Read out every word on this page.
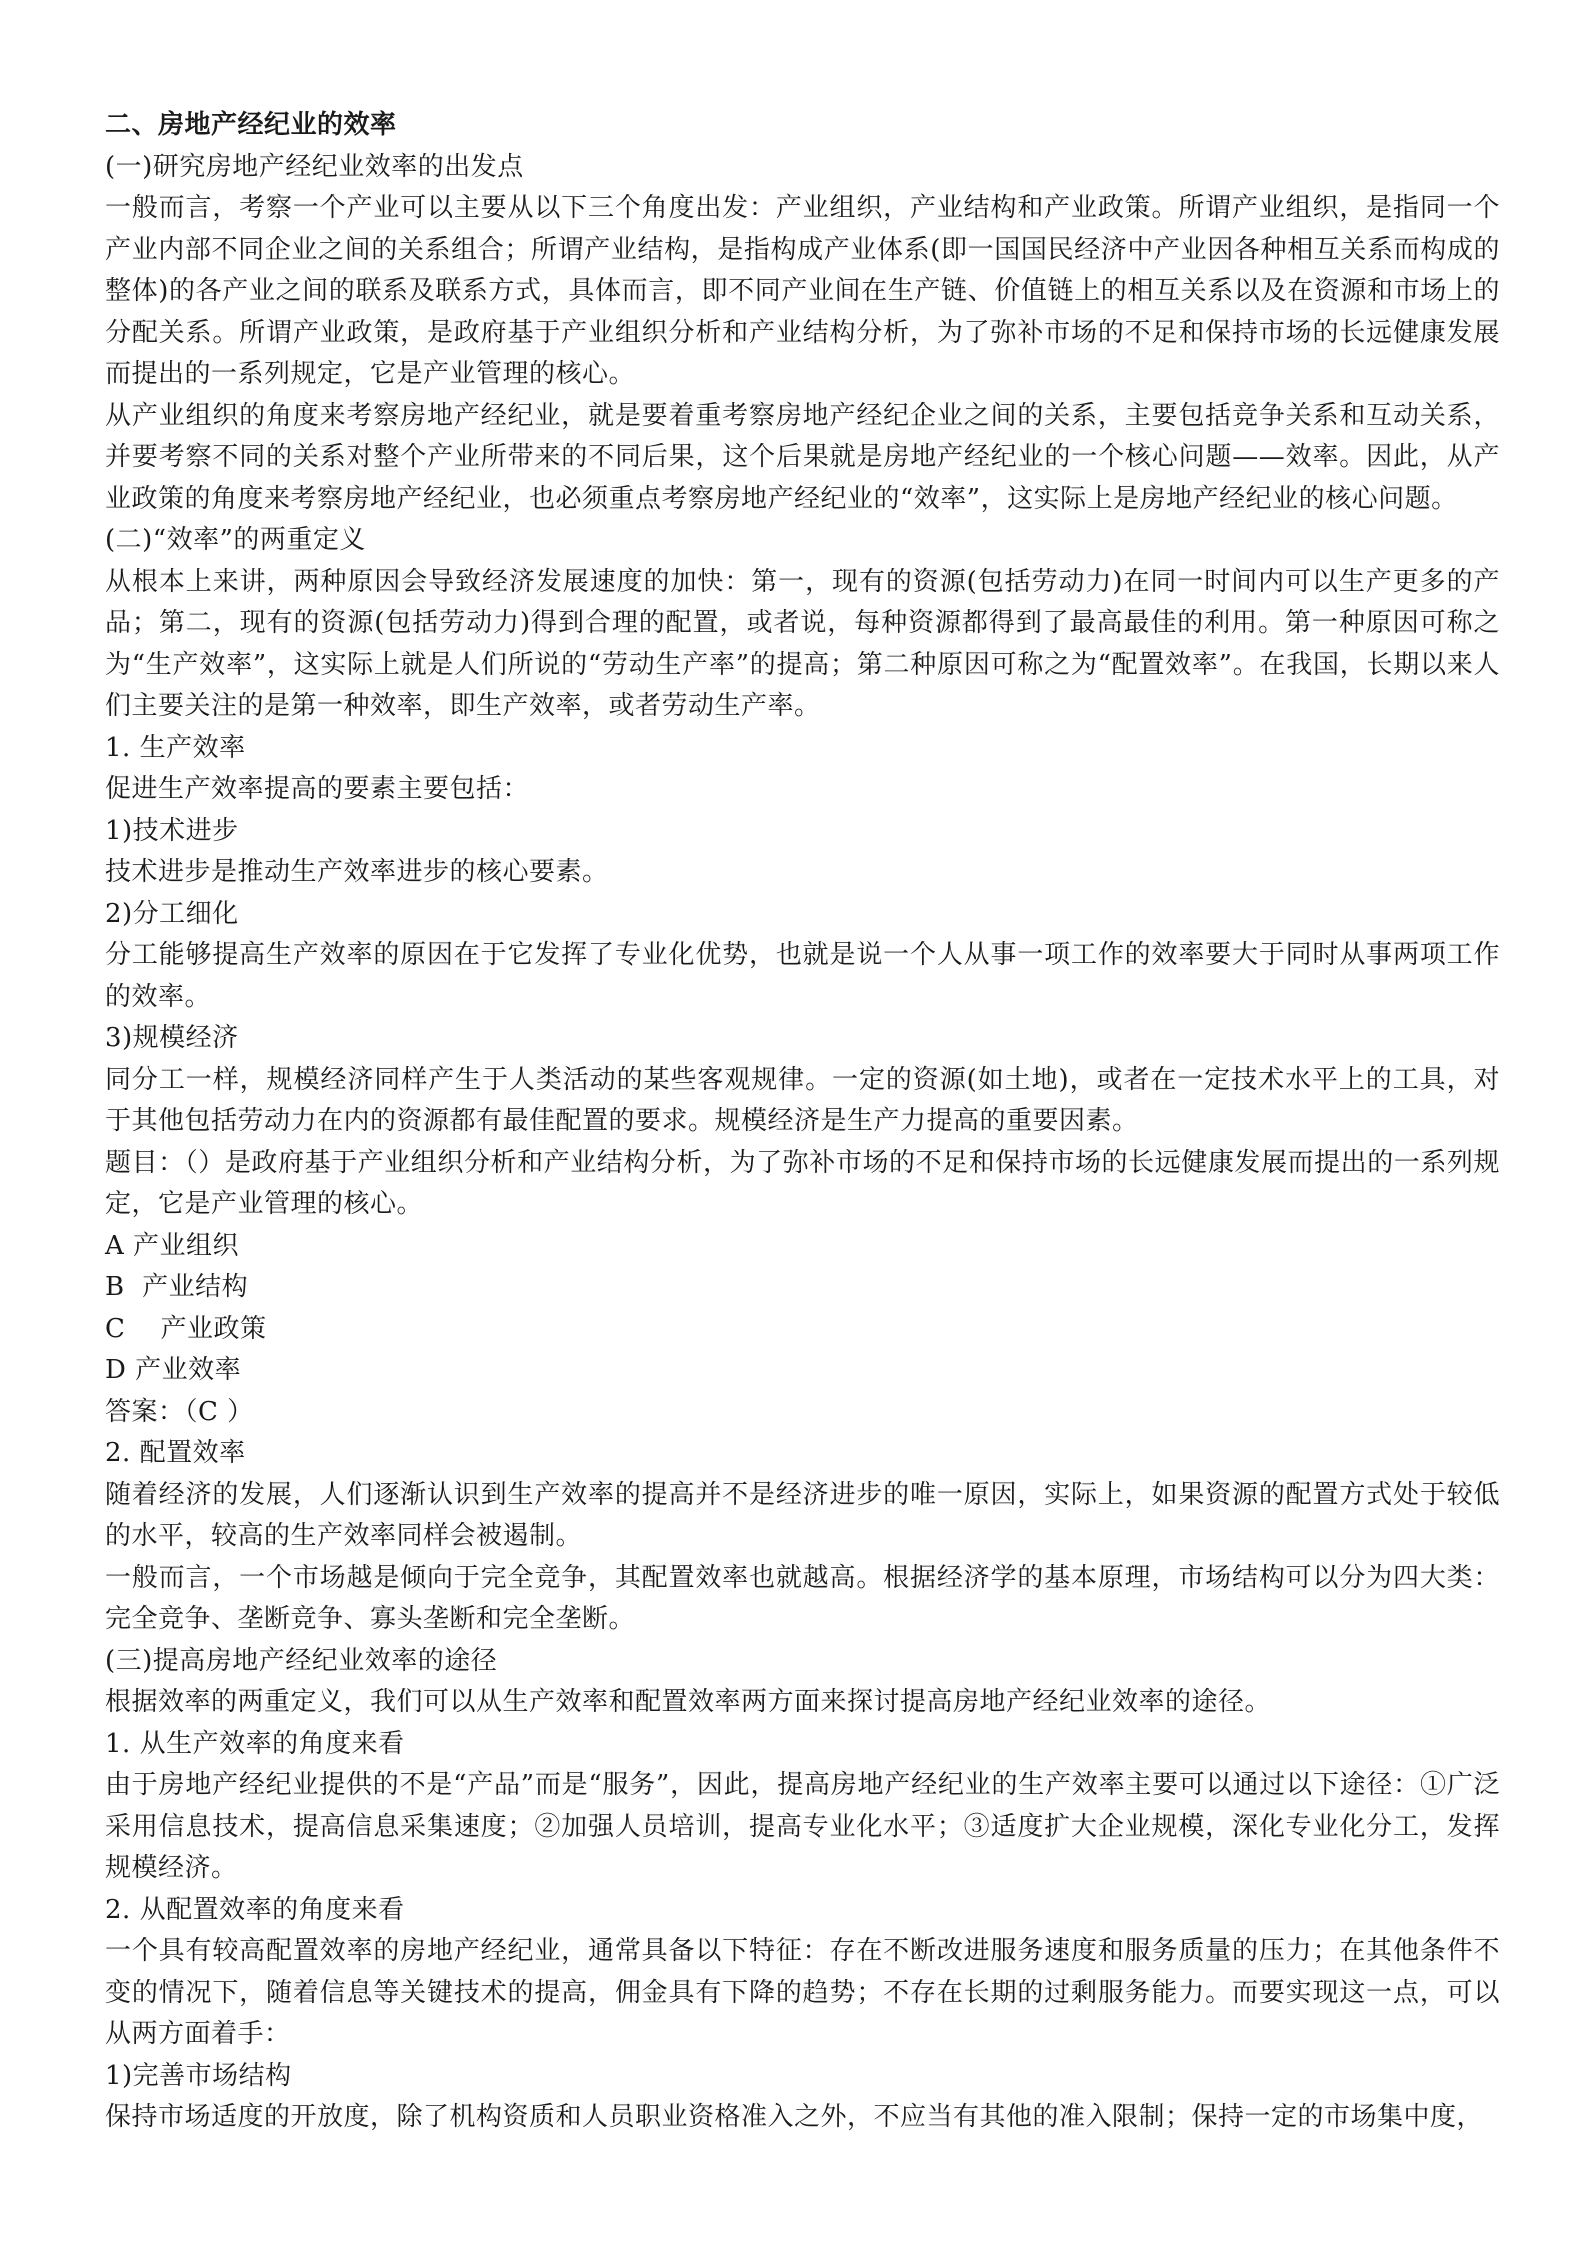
二、房地产经纪业的效率

(一)研究房地产经纪业效率的出发点

一般而言，考察一个产业可以主要从以下三个角度出发：产业组织，产业结构和产业政策。所谓产业组织，是指同一个产业内部不同企业之间的关系组合；所谓产业结构，是指构成产业体系(即一国国民经济中产业因各种相互关系而构成的整体)的各产业之间的联系及联系方式，具体而言，即不同产业间在生产链、价值链上的相互关系以及在资源和市场上的分配关系。所谓产业政策，是政府基于产业组织分析和产业结构分析，为了弥补市场的不足和保持市场的长远健康发展而提出的一系列规定，它是产业管理的核心。

从产业组织的角度来考察房地产经纪业，就是要着重考察房地产经纪企业之间的关系，主要包括竞争关系和互动关系，并要考察不同的关系对整个产业所带来的不同后果，这个后果就是房地产经纪业的一个核心问题——效率。因此，从产业政策的角度来考察房地产经纪业，也必须重点考察房地产经纪业的“效率”，这实际上是房地产经纪业的核心问题。

(二)“效率”的两重定义

从根本上来讲，两种原因会导致经济发展速度的加快：第一，现有的资源(包括劳动力)在同一时间内可以生产更多的产品；第二，现有的资源(包括劳动力)得到合理的配置，或者说，每种资源都得到了最高最佳的利用。第一种原因可称之为“生产效率”，这实际上就是人们所说的“劳动生产率”的提高；第二种原因可称之为“配置效率”。在我国，长期以来人们主要关注的是第一种效率，即生产效率，或者劳动生产率。

1. 生产效率

促进生产效率提高的要素主要包括：

1)技术进步

技术进步是推动生产效率进步的核心要素。

2)分工细化

分工能够提高生产效率的原因在于它发挥了专业化优势，也就是说一个人从事一项工作的效率要大于同时从事两项工作的效率。

3)规模经济

同分工一样，规模经济同样产生于人类活动的某些客观规律。一定的资源(如土地)，或者在一定技术水平上的工具，对于其他包括劳动力在内的资源都有最佳配置的要求。规模经济是生产力提高的重要因素。

题目：（）是政府基于产业组织分析和产业结构分析，为了弥补市场的不足和保持市场的长远健康发展而提出的一系列规定，它是产业管理的核心。

A 产业组织

B  产业结构

C    产业政策

D 产业效率

答案：（C ）

2. 配置效率

随着经济的发展，人们逐渐认识到生产效率的提高并不是经济进步的唯一原因，实际上，如果资源的配置方式处于较低的水平，较高的生产效率同样会被遏制。

一般而言，一个市场越是倾向于完全竞争，其配置效率也就越高。根据经济学的基本原理，市场结构可以分为四大类：完全竞争、垄断竞争、寡头垄断和完全垄断。

(三)提高房地产经纪业效率的途径

根据效率的两重定义，我们可以从生产效率和配置效率两方面来探讨提高房地产经纪业效率的途径。

1. 从生产效率的角度来看

由于房地产经纪业提供的不是“产品”而是“服务”，因此，提高房地产经纪业的生产效率主要可以通过以下途径：①广泛采用信息技术，提高信息采集速度；②加强人员培训，提高专业化水平；③适度扩大企业规模，深化专业化分工，发挥规模经济。

2. 从配置效率的角度来看

一个具有较高配置效率的房地产经纪业，通常具备以下特征：存在不断改进服务速度和服务质量的压力；在其他条件不变的情况下，随着信息等关键技术的提高，佣金具有下降的趋势；不存在长期的过剩服务能力。而要实现这一点，可以从两方面着手：

1)完善市场结构

保持市场适度的开放度，除了机构资质和人员职业资格准入之外，不应当有其他的准入限制；保持一定的市场集中度，
